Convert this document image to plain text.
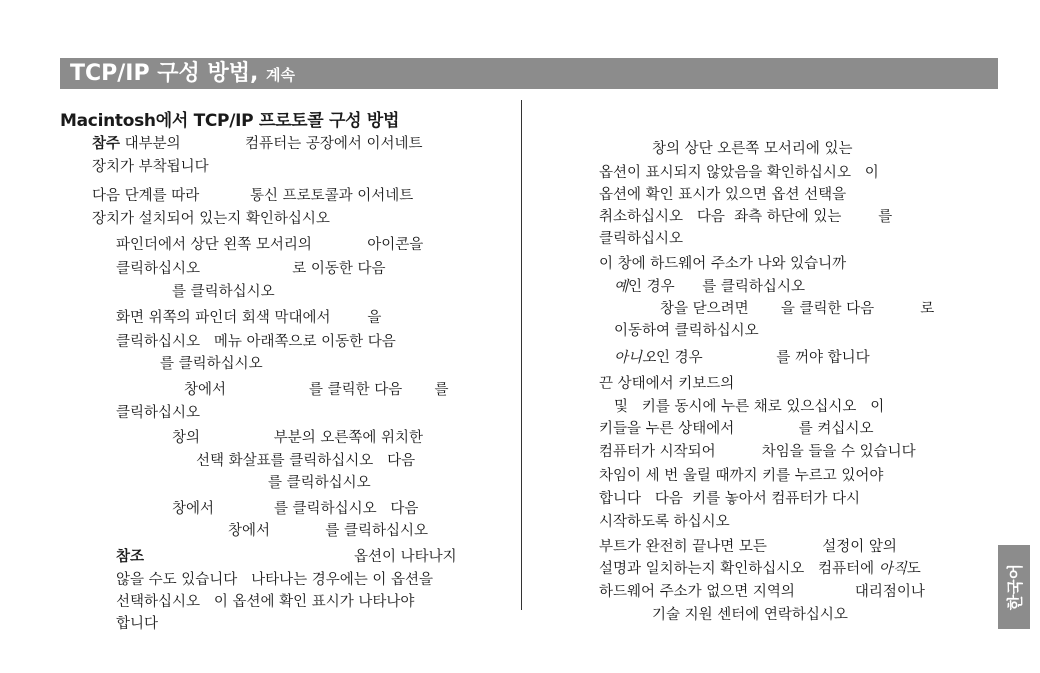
TCP/IP 구성 방법, 계속
Macintosh에서 TCP/IP 프로토콜 구성 방법
참주 대부분의              컴퓨터는 공장에서 이서네트
장치가 부착됩니다
다음 단계를 따라           통신 프로토콜과 이서네트
장치가 설치되어 있는지 확인하십시오
파인더에서 상단 왼쪽 모서리의            아이콘을
클릭하십시오                    로 이동한 다음
를 클릭하십시오
화면 위쪽의 파인더 회색 막대에서        을
클릭하십시오   메뉴 아래쪽으로 이동한 다음
를 클릭하십시오
창에서                  를 클릭한 다음       를
클릭하십시오
창의                부분의 오른쪽에 위치한
선택 화살표를 클릭하십시오   다음
를 클릭하십시오
창에서             를 클릭하십시오   다음
창에서            를 클릭하십시오
참조	옵션이 나타나지
않을 수도 있습니다   나타나는 경우에는 이 옵션을
선택하십시오   이 옵션에 확인 표시가 나타나야
합니다
창의 상단 오른쪽 모서리에 있는
옵션이 표시되지 않았음을 확인하십시오   이
옵션에 확인 표시가 있으면 옵션 선택을
취소하십시오   다음  좌측 하단에 있는        를
클릭하십시오
이 창에 하드웨어 주소가 나와 있습니까
예인 경우      를 클릭하십시오
창을 닫으려면       을 클릭한 다음          로
이동하여 클릭하십시오
아니오인 경우                를 꺼야 합니다
끈 상태에서 키보드의
및   키를 동시에 누른 채로 있으십시오   이
키들을 누른 상태에서              를 켜십시오
컴퓨터가 시작되어          차임을 들을 수 있습니다
차임이 세 번 울릴 때까지 키를 누르고 있어야
합니다   다음  키를 놓아서 컴퓨터가 다시
시작하도록 하십시오
부트가 완전히 끝나면 모든            설정이 앞의
설명과 일치하는지 확인하십시오   컴퓨터에 아직도
하드웨어 주소가 없으면 지역의             대리점이나
기술 지원 센터에 연락하십시오
한국어
